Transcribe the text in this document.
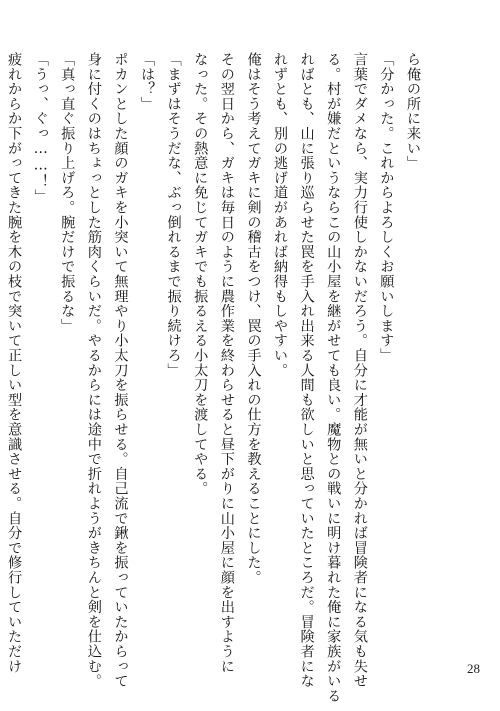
ら俺の所に来い」
「分かった。これからよろしくお願いします」
言葉でダメなら、実力行使しかないだろう。自分に才能が無いと分かれば冒険者になる気も失せ
る。村が嫌だというならこの山小屋を継がせても良い。魔物との戦いに明け暮れた俺に家族がいる
ればとも、山に張り巡らせた罠を手入れ出来る人間も欲しいと思っていたところだ。冒険者にな
れずとも、別の逃げ道があれば納得もしやすい。
俺はそう考えてガキに剣の稽古をつけ、罠の手入れの仕方を教えることにした。
その翌日から、ガキは毎日のように農作業を終わらせると昼下がりに山小屋に顔を出すように
なった。その熱意に免じてガキでも振るえる小太刀を渡してやる。
「まずはそうだな、ぶっ倒れるまで振り続けろ」
「は？」
ポカンとした顔のガキを小突いて無理やり小太刀を振らせる。自己流で鍬を振っていたからって
身に付くのはちょっとした筋肉くらいだ。やるからには途中で折れようがきちんと剣を仕込む。
「真っ直ぐ振り上げろ。腕だけで振るな」
「うっ、ぐっ……！」
疲れからか下がってきた腕を木の枝で突いて正しい型を意識させる。自分で修行していただけ	28
